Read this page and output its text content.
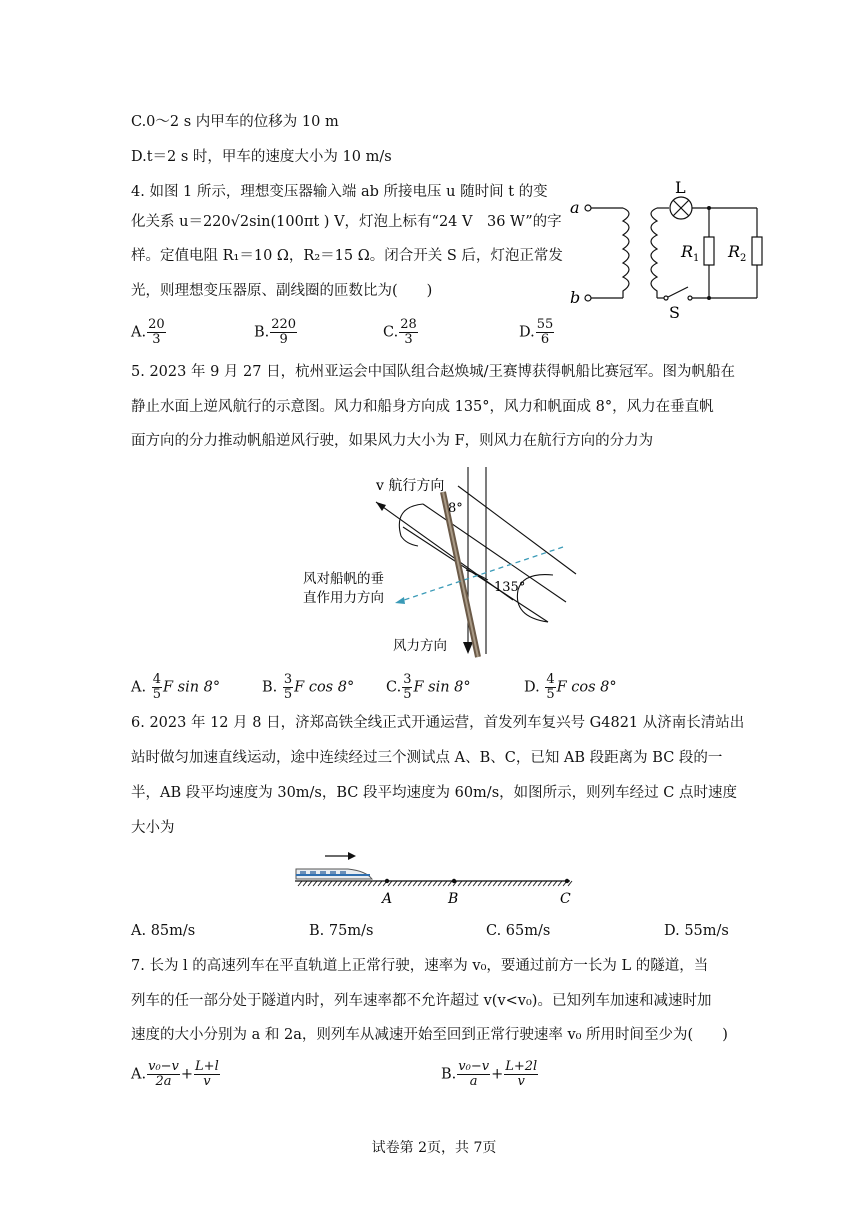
C.0～2 s 内甲车的位移为 10 m
D.t＝2 s 时，甲车的速度大小为 10 m/s
4. 如图 1 所示，理想变压器输入端 ab 所接电压 u 随时间 t 的变
化关系 u＝220√2sin(100πt ) V，灯泡上标有“24 V　36 W”的字
样。定值电阻 R₁＝10 Ω，R₂＝15 Ω。闭合开关 S 后，灯泡正常发
光，则理想变压器原、副线圈的匝数比为(　　)
A. $\frac{20}{3}$	B. $\frac{220}{9}$	C. $\frac{28}{3}$	D. $\frac{55}{6}$
a
b
L
R 1 R 2
S
5. 2023 年 9 月 27 日，杭州亚运会中国队组合赵焕城/王赛博获得帆船比赛冠军。图为帆船在
静止水面上逆风航行的示意图。风力和船身方向成 135°，风力和帆面成 8°，风力在垂直帆
面方向的分力推动帆船逆风行驶，如果风力大小为 F，则风力在航行方向的分力为
v 航行方向
8°
135°
风对船帆的垂
直作用力方向
风力方向
A. $\frac{4}{5}$ F sin 8°	B. $\frac{3}{5}$ F cos 8° C. $\frac{3}{5}$ F sin 8°	D. $\frac{4}{5}$ F cos 8°
6. 2023 年 12 月 8 日，济郑高铁全线正式开通运营，首发列车复兴号 G4821 从济南长清站出
站时做匀加速直线运动，途中连续经过三个测试点 A、B、C，已知 AB 段距离为 BC 段的一
半，AB 段平均速度为 30m/s，BC 段平均速度为 60m/s，如图所示，则列车经过 C 点时速度
大小为
A	B	C
A. 85m/s	B. 75m/s	C. 65m/s	D. 55m/s
7. 长为 l 的高速列车在平直轨道上正常行驶，速率为 v₀，要通过前方一长为 L 的隧道，当
列车的任一部分处于隧道内时，列车速率都不允许超过 v(v<v₀)。已知列车加速和减速时加
速度的大小分别为 a 和 2a，则列车从减速开始至回到正常行驶速率 v₀ 所用时间至少为(　　)
A. $\frac{\text{v₀−v}}{2a} + \frac{L+l}{v}$	B. $\frac{\text{v₀−v}}{a} + \frac{L+2l}{v}$
试卷第 2页，共 7页
